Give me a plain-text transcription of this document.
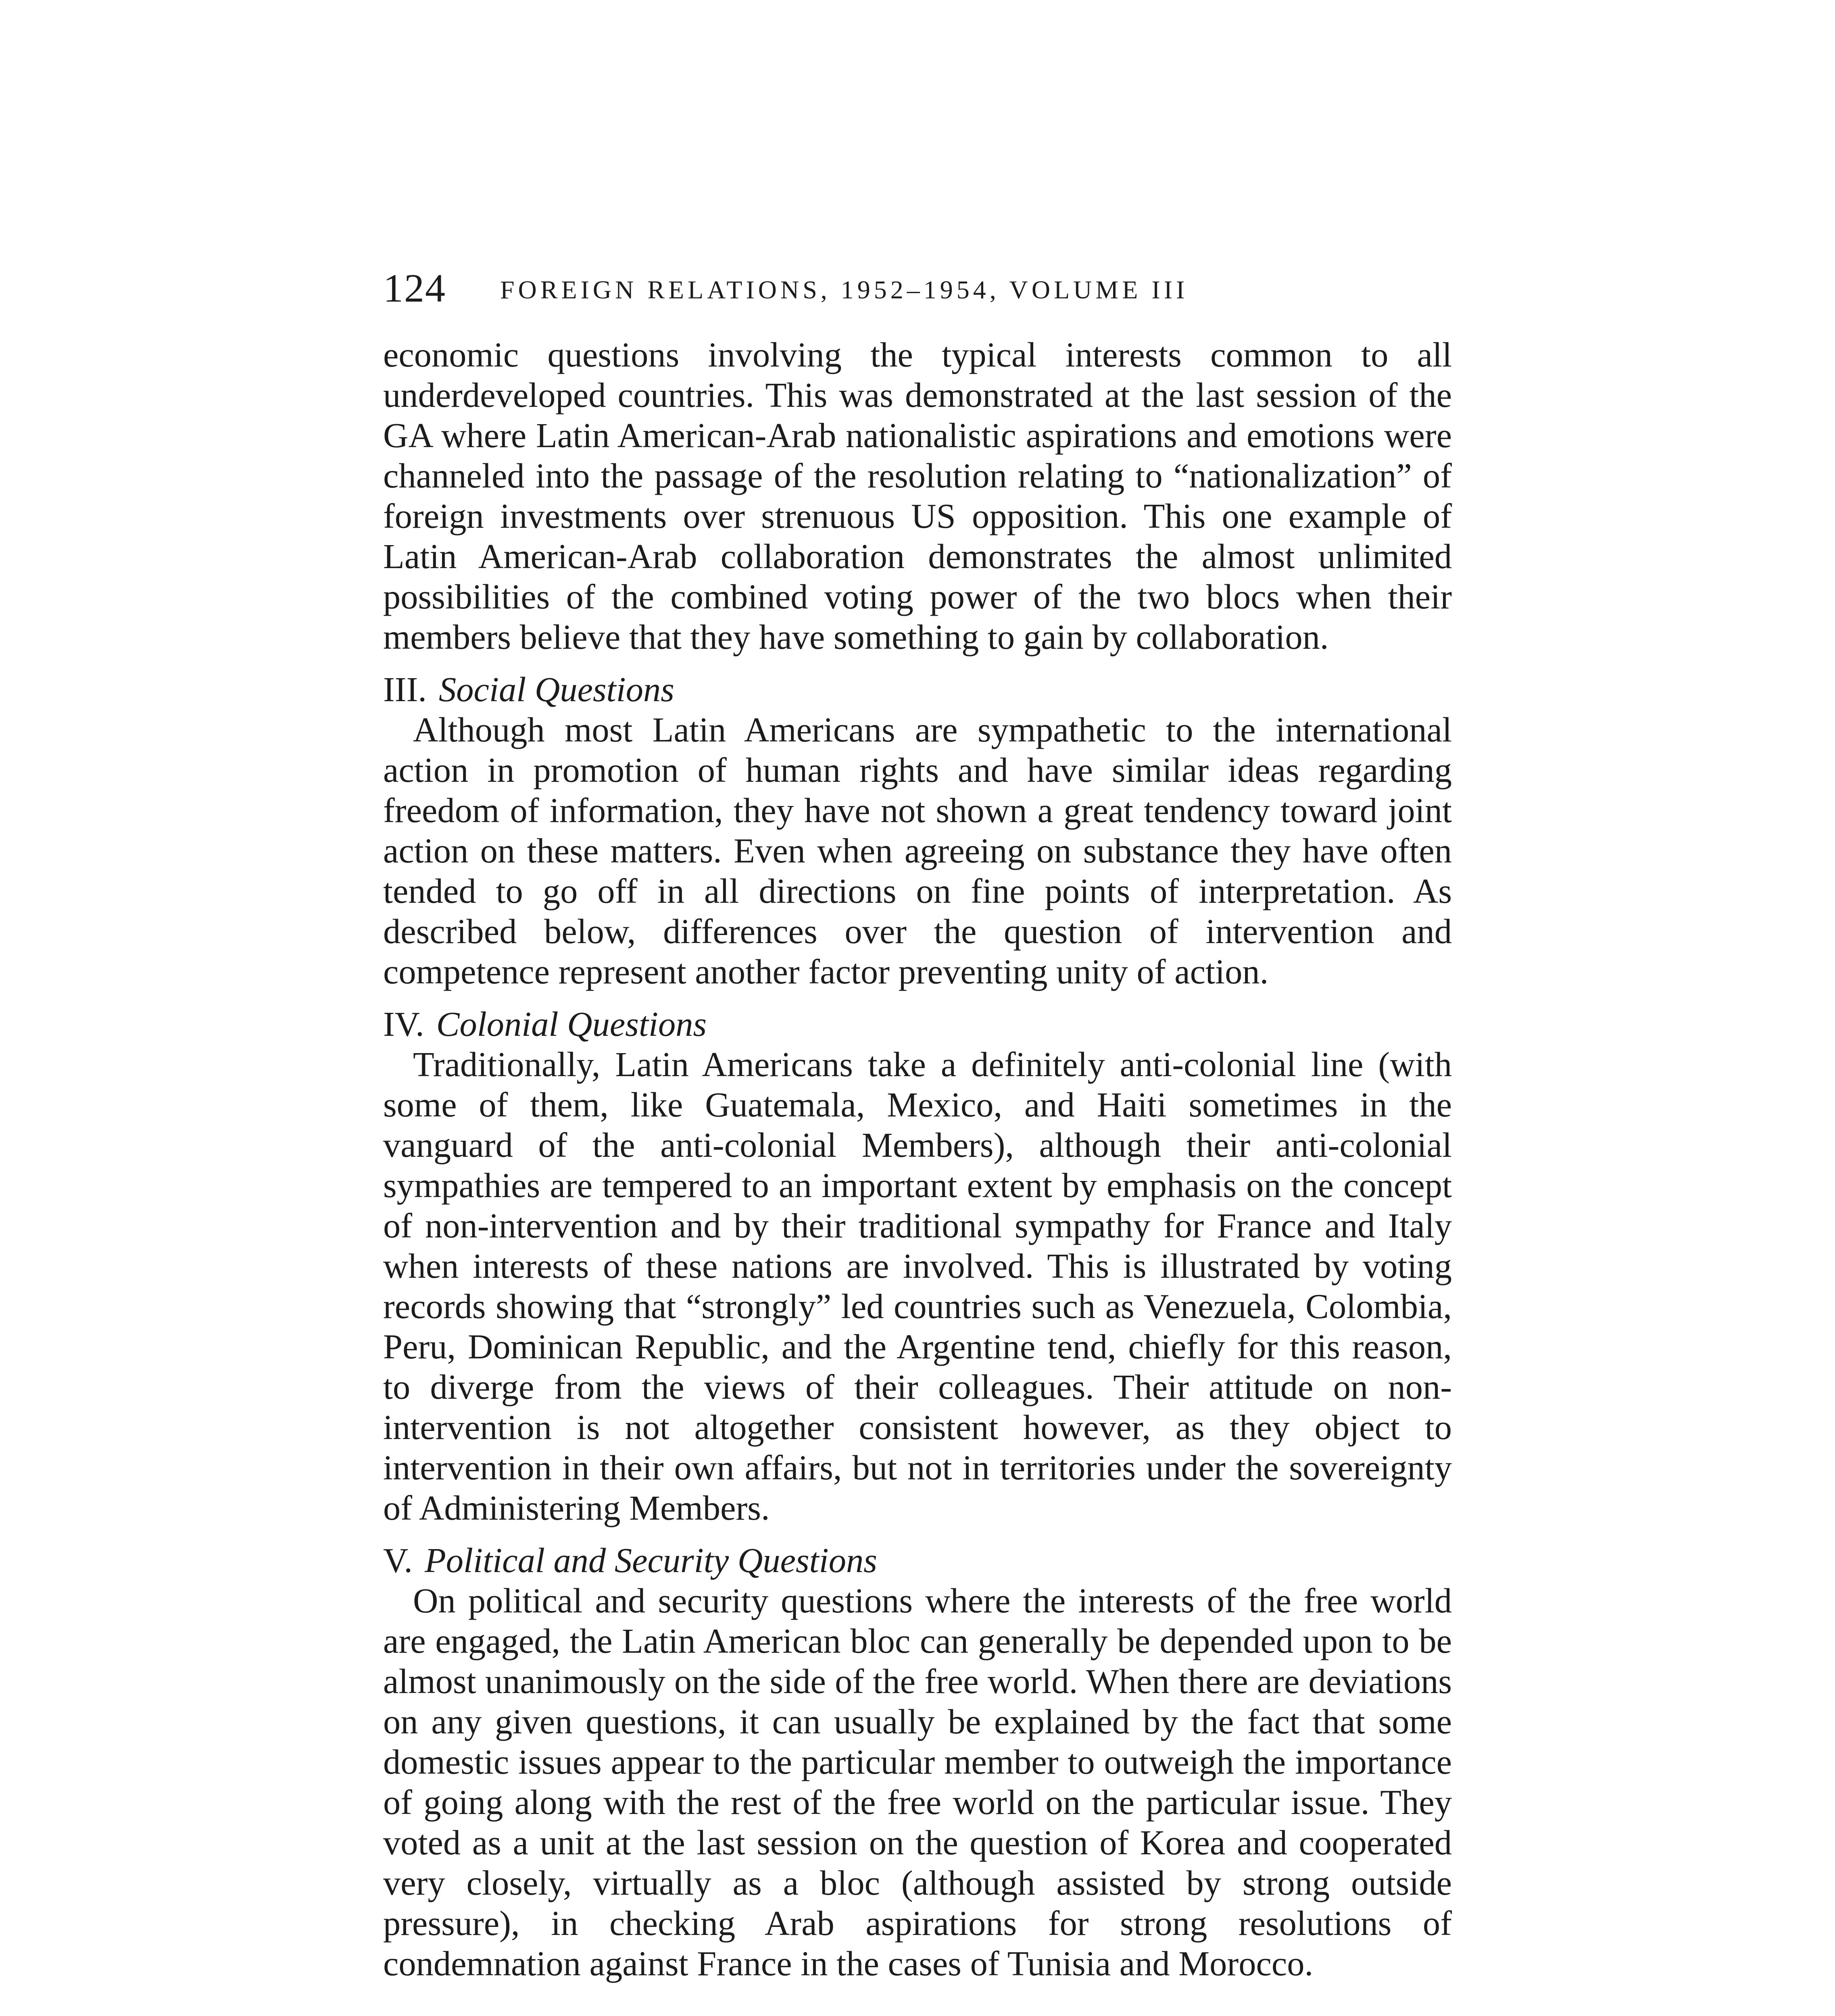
124 FOREIGN RELATIONS, 1952–1954, VOLUME III

economic questions involving the typical interests common to all underdeveloped countries. This was demonstrated at the last session of the GA where Latin American-Arab nationalistic aspirations and emotions were channeled into the passage of the resolution relating to “nationalization” of foreign investments over strenuous US opposition. This one example of Latin American-Arab collaboration demonstrates the almost unlimited possibilities of the combined voting power of the two blocs when their members believe that they have something to gain by collaboration.

III. Social Questions

Although most Latin Americans are sympathetic to the international action in promotion of human rights and have similar ideas regarding freedom of information, they have not shown a great tendency toward joint action on these matters. Even when agreeing on substance they have often tended to go off in all directions on fine points of interpretation. As described below, differences over the question of intervention and competence represent another factor preventing unity of action.

IV. Colonial Questions

Traditionally, Latin Americans take a definitely anti-colonial line (with some of them, like Guatemala, Mexico, and Haiti sometimes in the vanguard of the anti-colonial Members), although their anti-colonial sympathies are tempered to an important extent by emphasis on the concept of non-intervention and by their traditional sympathy for France and Italy when interests of these nations are involved. This is illustrated by voting records showing that “strongly” led countries such as Venezuela, Colombia, Peru, Dominican Republic, and the Argentine tend, chiefly for this reason, to diverge from the views of their colleagues. Their attitude on non-intervention is not altogether consistent however, as they object to intervention in their own affairs, but not in territories under the sovereignty of Administering Members.

V. Political and Security Questions

On political and security questions where the interests of the free world are engaged, the Latin American bloc can generally be depended upon to be almost unanimously on the side of the free world. When there are deviations on any given questions, it can usually be explained by the fact that some domestic issues appear to the particular member to outweigh the importance of going along with the rest of the free world on the particular issue. They voted as a unit at the last session on the question of Korea and cooperated very closely, virtually as a bloc (although assisted by strong outside pressure), in checking Arab aspirations for strong resolutions of condemnation against France in the cases of Tunisia and Morocco.
